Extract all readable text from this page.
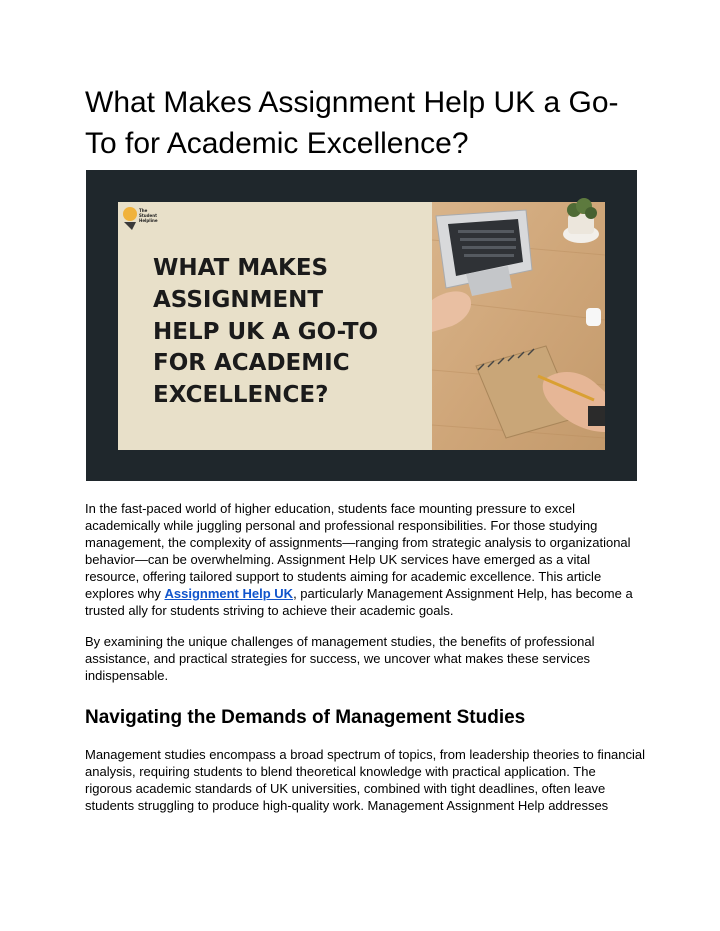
What Makes Assignment Help UK a Go-To for Academic Excellence?
The
Student
Helpline
WHAT MAKES
ASSIGNMENT
HELP UK A GO-TO
FOR ACADEMIC
EXCELLENCE?

In the fast-paced world of higher education, students face mounting pressure to excel academically while juggling personal and professional responsibilities. For those studying management, the complexity of assignments—ranging from strategic analysis to organizational behavior—can be overwhelming. Assignment Help UK services have emerged as a vital resource, offering tailored support to students aiming for academic excellence. This article explores why Assignment Help UK, particularly Management Assignment Help, has become a trusted ally for students striving to achieve their academic goals.

By examining the unique challenges of management studies, the benefits of professional assistance, and practical strategies for success, we uncover what makes these services indispensable.

Navigating the Demands of Management Studies

Management studies encompass a broad spectrum of topics, from leadership theories to financial analysis, requiring students to blend theoretical knowledge with practical application. The rigorous academic standards of UK universities, combined with tight deadlines, often leave students struggling to produce high-quality work. Management Assignment Help addresses
